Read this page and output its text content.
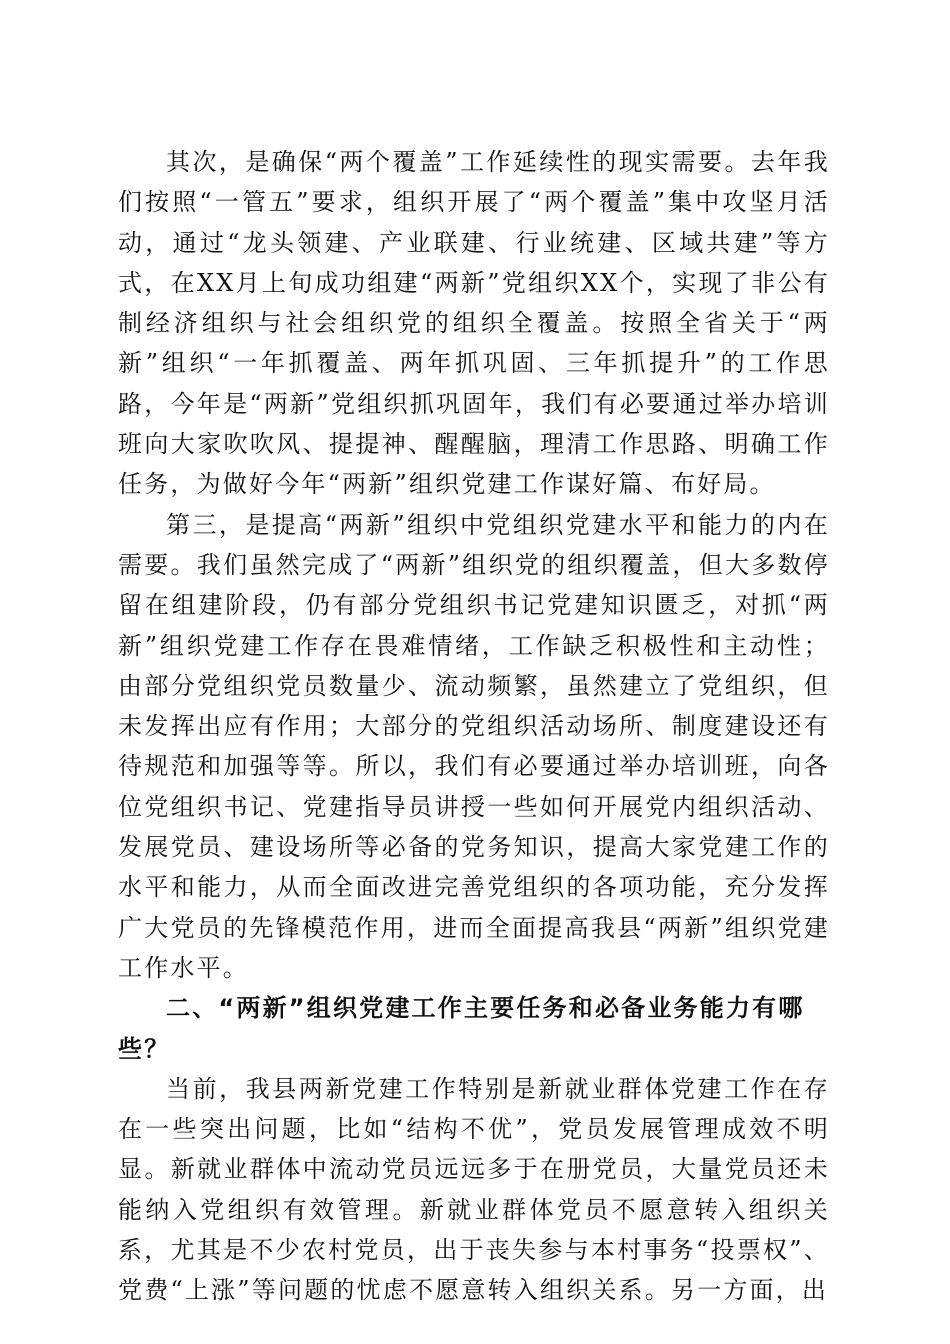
其次，是确保“两个覆盖”工作延续性的现实需要。去年我们按照“一管五”要求，组织开展了“两个覆盖”集中攻坚月活动，通过“龙头领建、产业联建、行业统建、区域共建”等方式，在XX月上旬成功组建“两新”党组织XX个，实现了非公有制经济组织与社会组织党的组织全覆盖。按照全省关于“两新”组织“一年抓覆盖、两年抓巩固、三年抓提升”的工作思路，今年是“两新”党组织抓巩固年，我们有必要通过举办培训班向大家吹吹风、提提神、醒醒脑，理清工作思路、明确工作任务，为做好今年“两新”组织党建工作谋好篇、布好局。

第三，是提高“两新”组织中党组织党建水平和能力的内在需要。我们虽然完成了“两新”组织党的组织覆盖，但大多数停留在组建阶段，仍有部分党组织书记党建知识匮乏，对抓“两新”组织党建工作存在畏难情绪，工作缺乏积极性和主动性；由部分党组织党员数量少、流动频繁，虽然建立了党组织，但未发挥出应有作用；大部分的党组织活动场所、制度建设还有待规范和加强等等。所以，我们有必要通过举办培训班，向各位党组织书记、党建指导员讲授一些如何开展党内组织活动、发展党员、建设场所等必备的党务知识，提高大家党建工作的水平和能力，从而全面改进完善党组织的各项功能，充分发挥广大党员的先锋模范作用，进而全面提高我县“两新”组织党建工作水平。

二、“两新”组织党建工作主要任务和必备业务能力有哪些？

当前，我县两新党建工作特别是新就业群体党建工作在存在一些突出问题，比如“结构不优”，党员发展管理成效不明显。新就业群体中流动党员远远多于在册党员，大量党员还未能纳入党组织有效管理。新就业群体党员不愿意转入组织关系，尤其是不少农村党员，出于丧失参与本村事务“投票权”、党费“上涨”等问题的忧虑不愿意转入组织关系。另一方面，出
